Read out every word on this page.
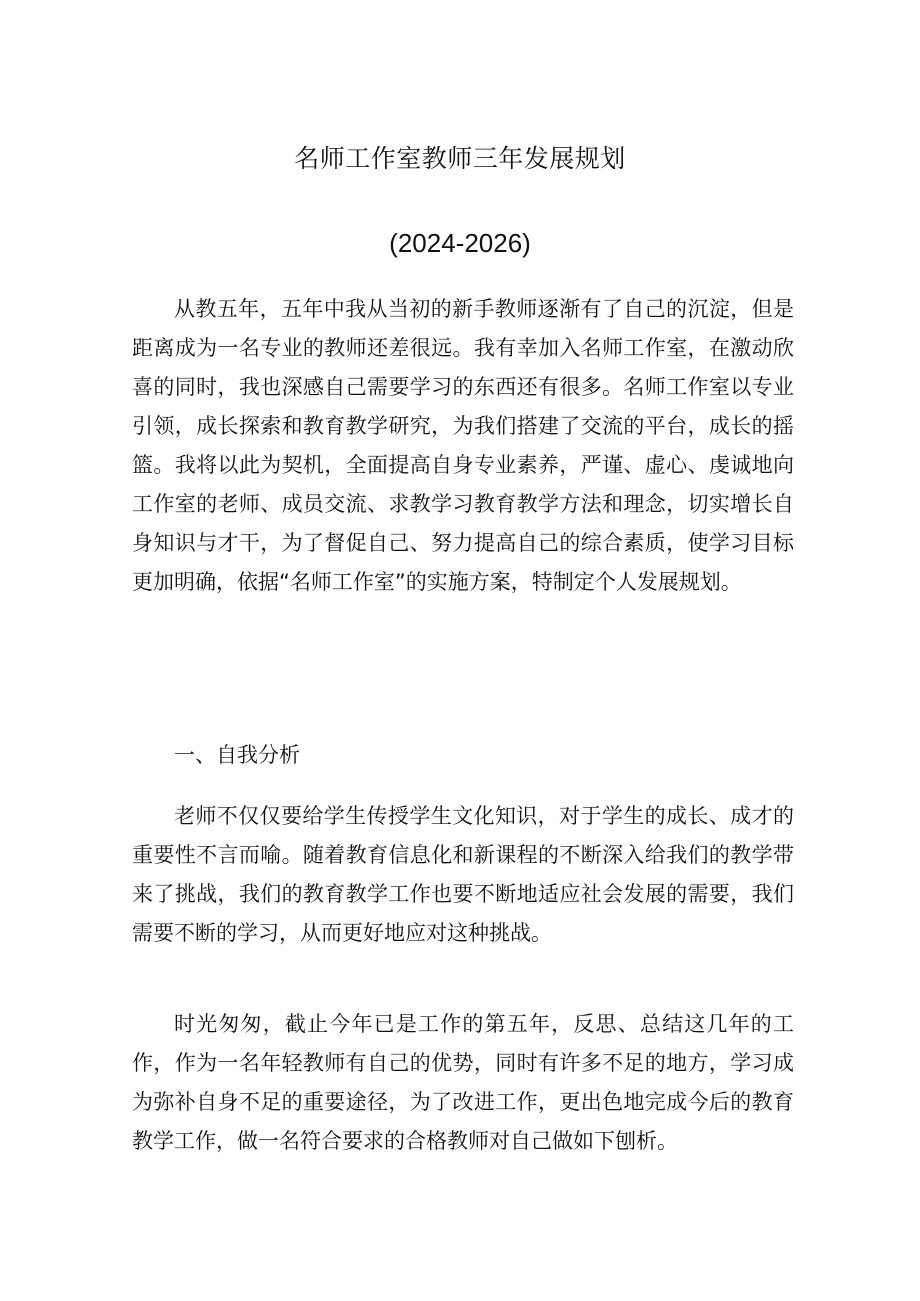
名师工作室教师三年发展规划
(2024-2026)

从教五年，五年中我从当初的新手教师逐渐有了自己的沉淀，但是距离成为一名专业的教师还差很远。我有幸加入名师工作室，在激动欣喜的同时，我也深感自己需要学习的东西还有很多。名师工作室以专业引领，成长探索和教育教学研究，为我们搭建了交流的平台，成长的摇篮。我将以此为契机，全面提高自身专业素养，严谨、虚心、虔诚地向工作室的老师、成员交流、求教学习教育教学方法和理念，切实增长自身知识与才干，为了督促自己、努力提高自己的综合素质，使学习目标更加明确，依据“名师工作室”的实施方案，特制定个人发展规划。

一、自我分析

老师不仅仅要给学生传授学生文化知识，对于学生的成长、成才的重要性不言而喻。随着教育信息化和新课程的不断深入给我们的教学带来了挑战，我们的教育教学工作也要不断地适应社会发展的需要，我们需要不断的学习，从而更好地应对这种挑战。

时光匆匆，截止今年已是工作的第五年，反思、总结这几年的工作，作为一名年轻教师有自己的优势，同时有许多不足的地方，学习成为弥补自身不足的重要途径，为了改进工作，更出色地完成今后的教育教学工作，做一名符合要求的合格教师对自己做如下刨析。
